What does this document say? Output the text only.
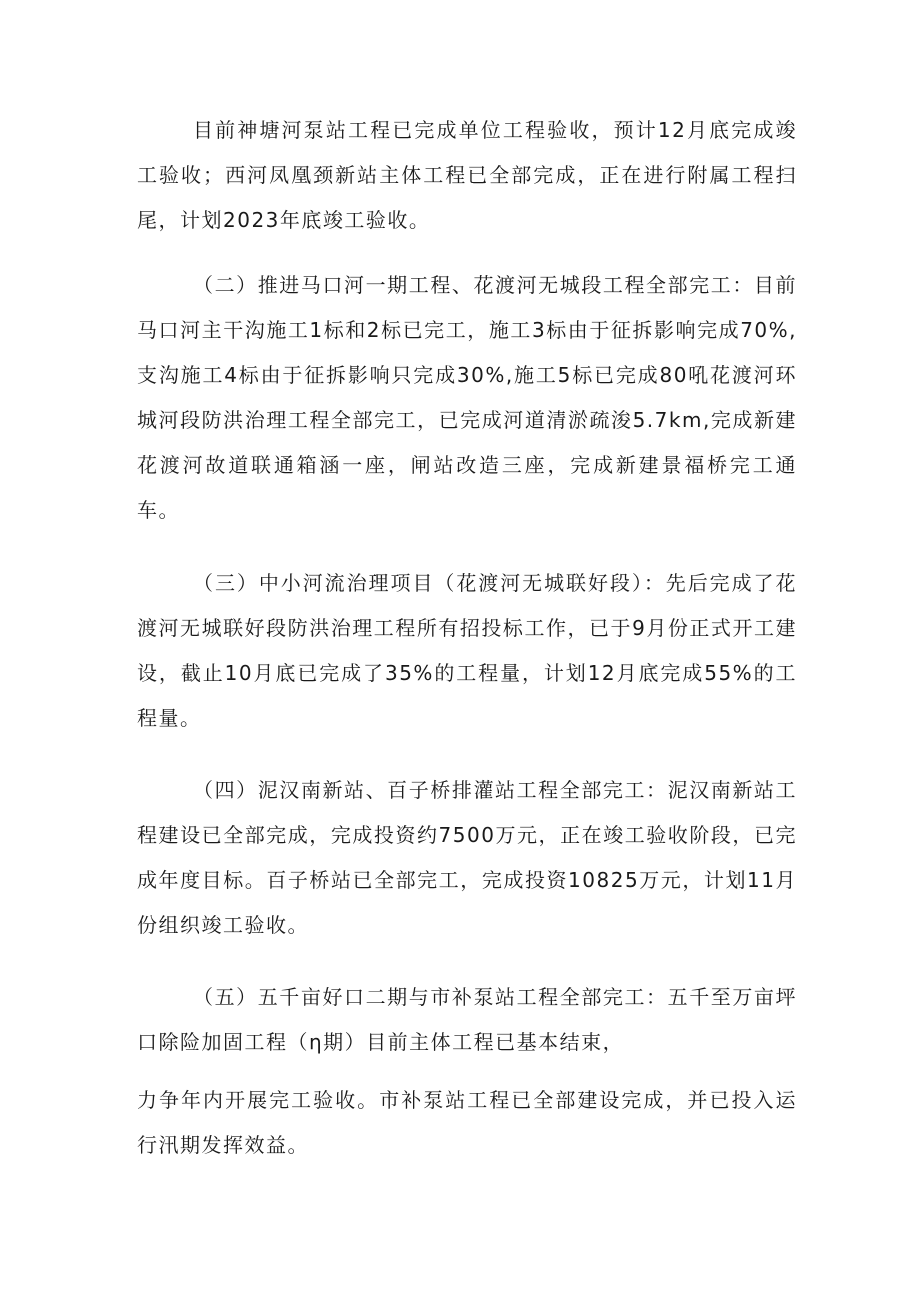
目前神塘河泵站工程已完成单位工程验收，预计12月底完成竣工验收；西河凤凰颈新站主体工程已全部完成，正在进行附属工程扫尾，计划2023年底竣工验收。

（二）推进马口河一期工程、花渡河无城段工程全部完工：目前马口河主干沟施工1标和2标已完工，施工3标由于征拆影响完成70%,支沟施工4标由于征拆影响只完成30%,施工5标已完成80吼花渡河环城河段防洪治理工程全部完工，已完成河道清淤疏浚5.7km,完成新建花渡河故道联通箱涵一座，闸站改造三座，完成新建景福桥完工通车。

（三）中小河流治理项目（花渡河无城联好段）：先后完成了花渡河无城联好段防洪治理工程所有招投标工作，已于9月份正式开工建设，截止10月底已完成了35%的工程量，计划12月底完成55%的工程量。

（四）泥汉南新站、百子桥排灌站工程全部完工：泥汉南新站工程建设已全部完成，完成投资约7500万元，正在竣工验收阶段，已完成年度目标。百子桥站已全部完工，完成投资10825万元，计划11月份组织竣工验收。

（五）五千亩好口二期与市补泵站工程全部完工：五千至万亩坪口除险加固工程（η期）目前主体工程已基本结束，

力争年内开展完工验收。市补泵站工程已全部建设完成，并已投入运行汛期发挥效益。
